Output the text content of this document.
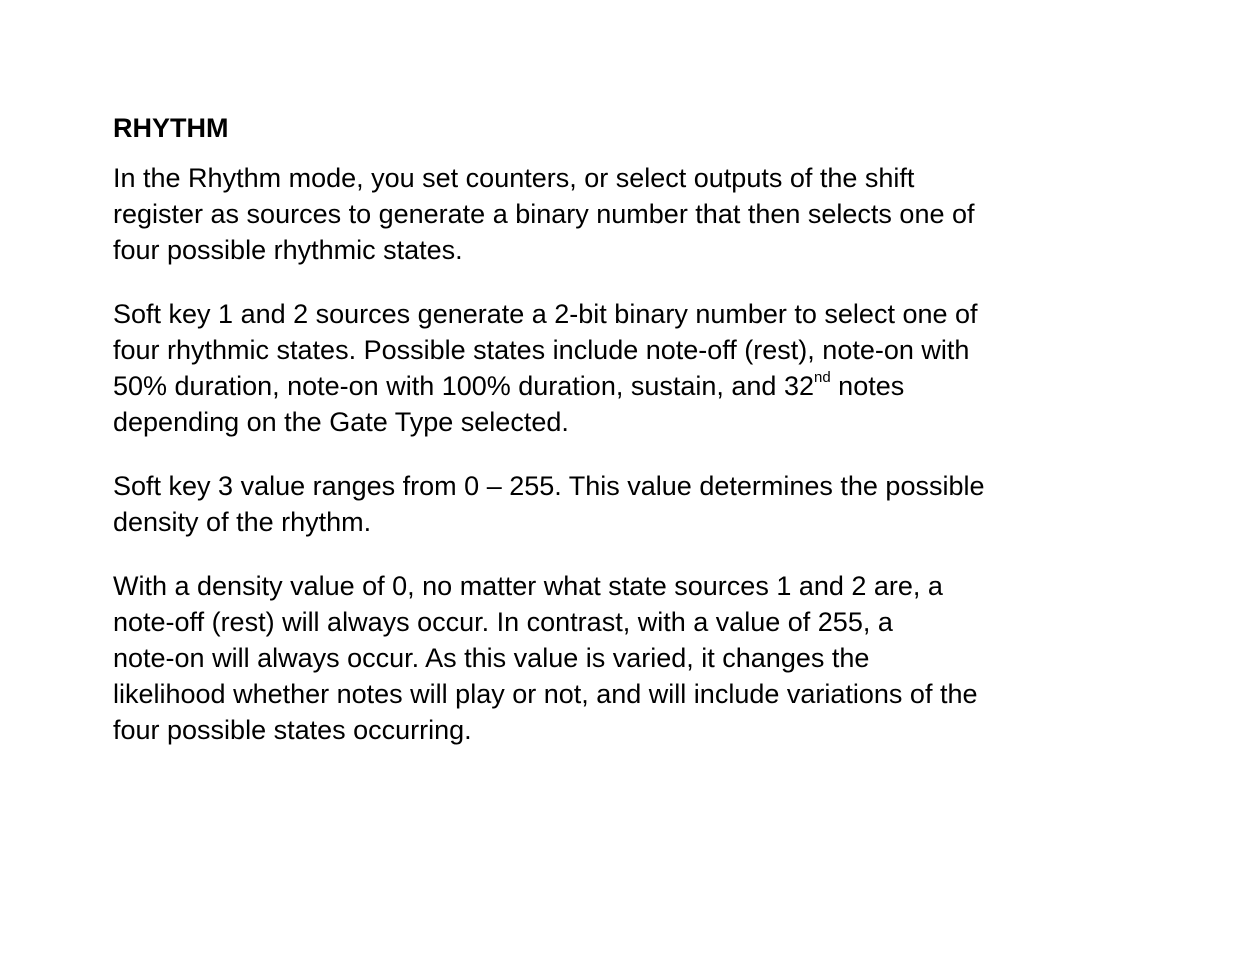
RHYTHM
In the Rhythm mode, you set counters, or select outputs of the shift
register as sources to generate a binary number that then selects one of
four possible rhythmic states.
Soft key 1 and 2 sources generate a 2-bit binary number to select one of
four rhythmic states. Possible states include note-off (rest), note-on with
50% duration, note-on with 100% duration, sustain, and 32nd notes
depending on the Gate Type selected.
Soft key 3 value ranges from 0 – 255. This value determines the possible
density of the rhythm.
With a density value of 0, no matter what state sources 1 and 2 are, a
note-off (rest) will always occur. In contrast, with a value of 255, a
note-on will always occur. As this value is varied, it changes the
likelihood whether notes will play or not, and will include variations of the
four possible states occurring.
